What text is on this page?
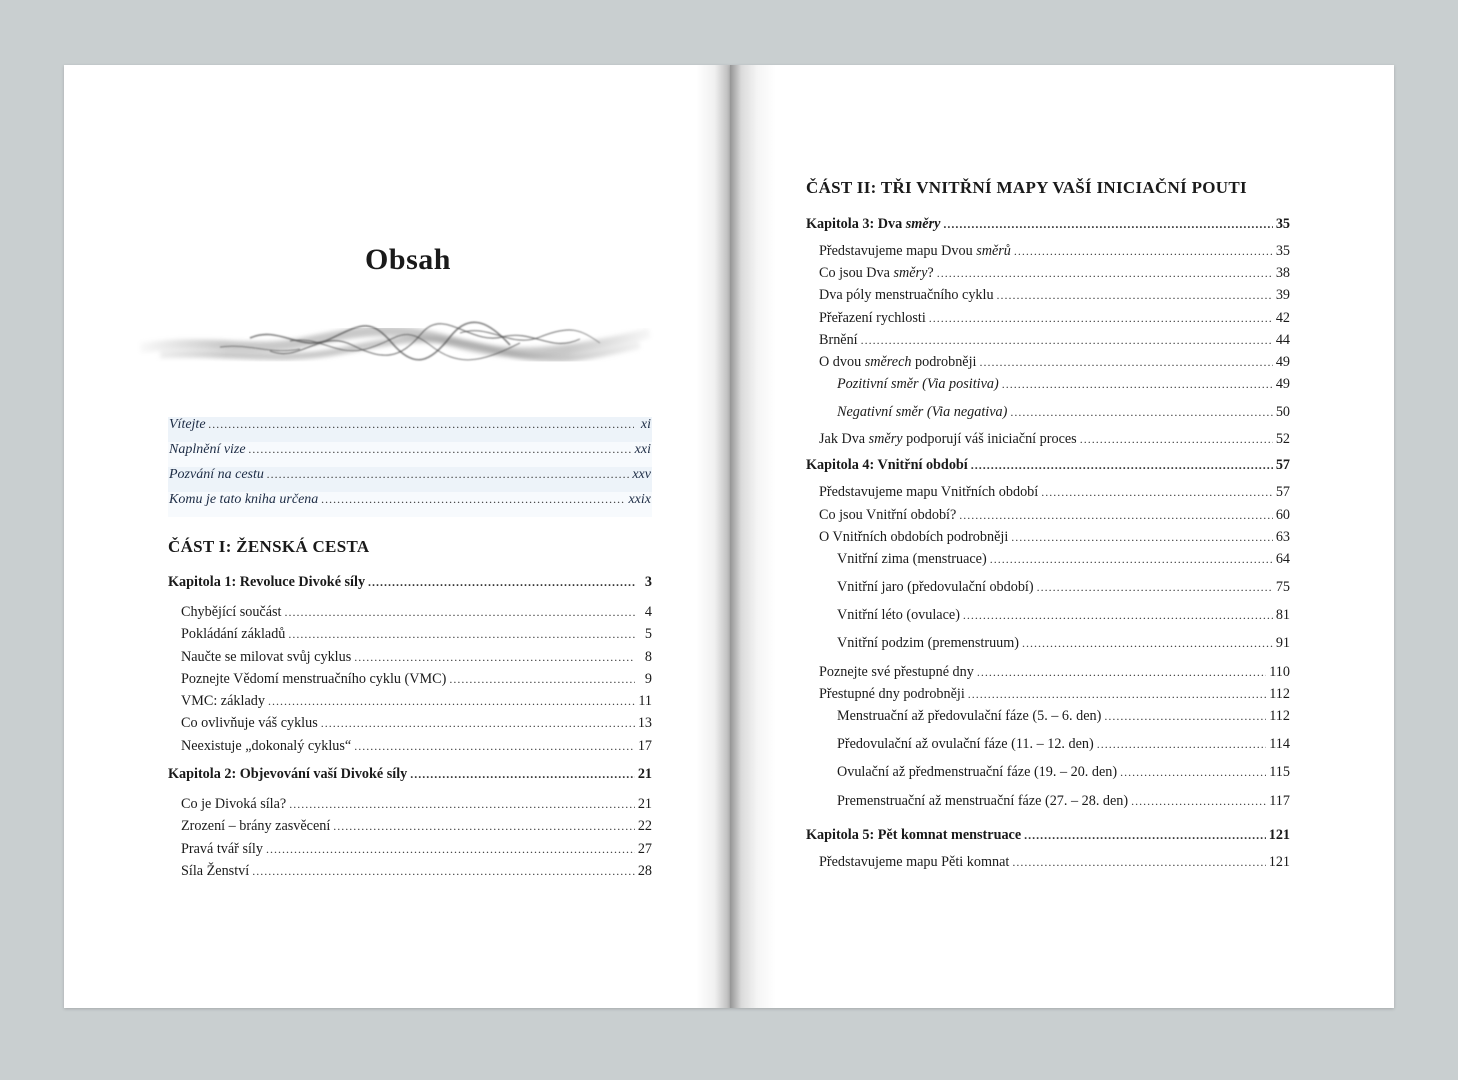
Obsah
Vítejte .....	xi
Naplnění vize .....	xxi
Pozvání na cestu .....	xxv
Komu je tato kniha určena .....	xxix
ČÁST I: ŽENSKÁ CESTA
Kapitola 1: Revoluce Divoké síly .....	3
Chybějící součást .....	4
Pokládání základů .....	5
Naučte se milovat svůj cyklus .....	8
Poznejte Vědomí menstruačního cyklu (VMC) .....	9
VMC: základy .....	11
Co ovlivňuje váš cyklus .....	13
Neexistuje „dokonalý cyklus“ .....	17
Kapitola 2: Objevování vaší Divoké síly .....	21
Co je Divoká síla? .....	21
Zrození – brány zasvěcení .....	22
Pravá tvář síly .....	27
Síla Ženství .....	28
ČÁST II: TŘI VNITŘNÍ MAPY VAŠÍ INICIAČNÍ POUTI
Kapitola 3: Dva směry .....	35
Představujeme mapu Dvou směrů .....	35
Co jsou Dva směry? .....	38
Dva póly menstruačního cyklu .....	39
Přeřazení rychlosti .....	42
Brnění .....	44
O dvou směrech podrobněji .....	49
Pozitivní směr (Via positiva) .....	49
Negativní směr (Via negativa) .....	50
Jak Dva směry podporují váš iniciační proces .....	52
Kapitola 4: Vnitřní období .....	57
Představujeme mapu Vnitřních období .....	57
Co jsou Vnitřní období? .....	60
O Vnitřních obdobích podrobněji .....	63
Vnitřní zima (menstruace) .....	64
Vnitřní jaro (předovulační období) .....	75
Vnitřní léto (ovulace) .....	81
Vnitřní podzim (premenstruum) .....	91
Poznejte své přestupné dny .....	110
Přestupné dny podrobněji .....	112
Menstruační až předovulační fáze (5. – 6. den) .....	112
Předovulační až ovulační fáze (11. – 12. den) .....	114
Ovulační až předmenstruační fáze (19. – 20. den) .....	115
Premenstruační až menstruační fáze (27. – 28. den) .....	117
Kapitola 5: Pět komnat menstruace .....	121
Představujeme mapu Pěti komnat .....	121
